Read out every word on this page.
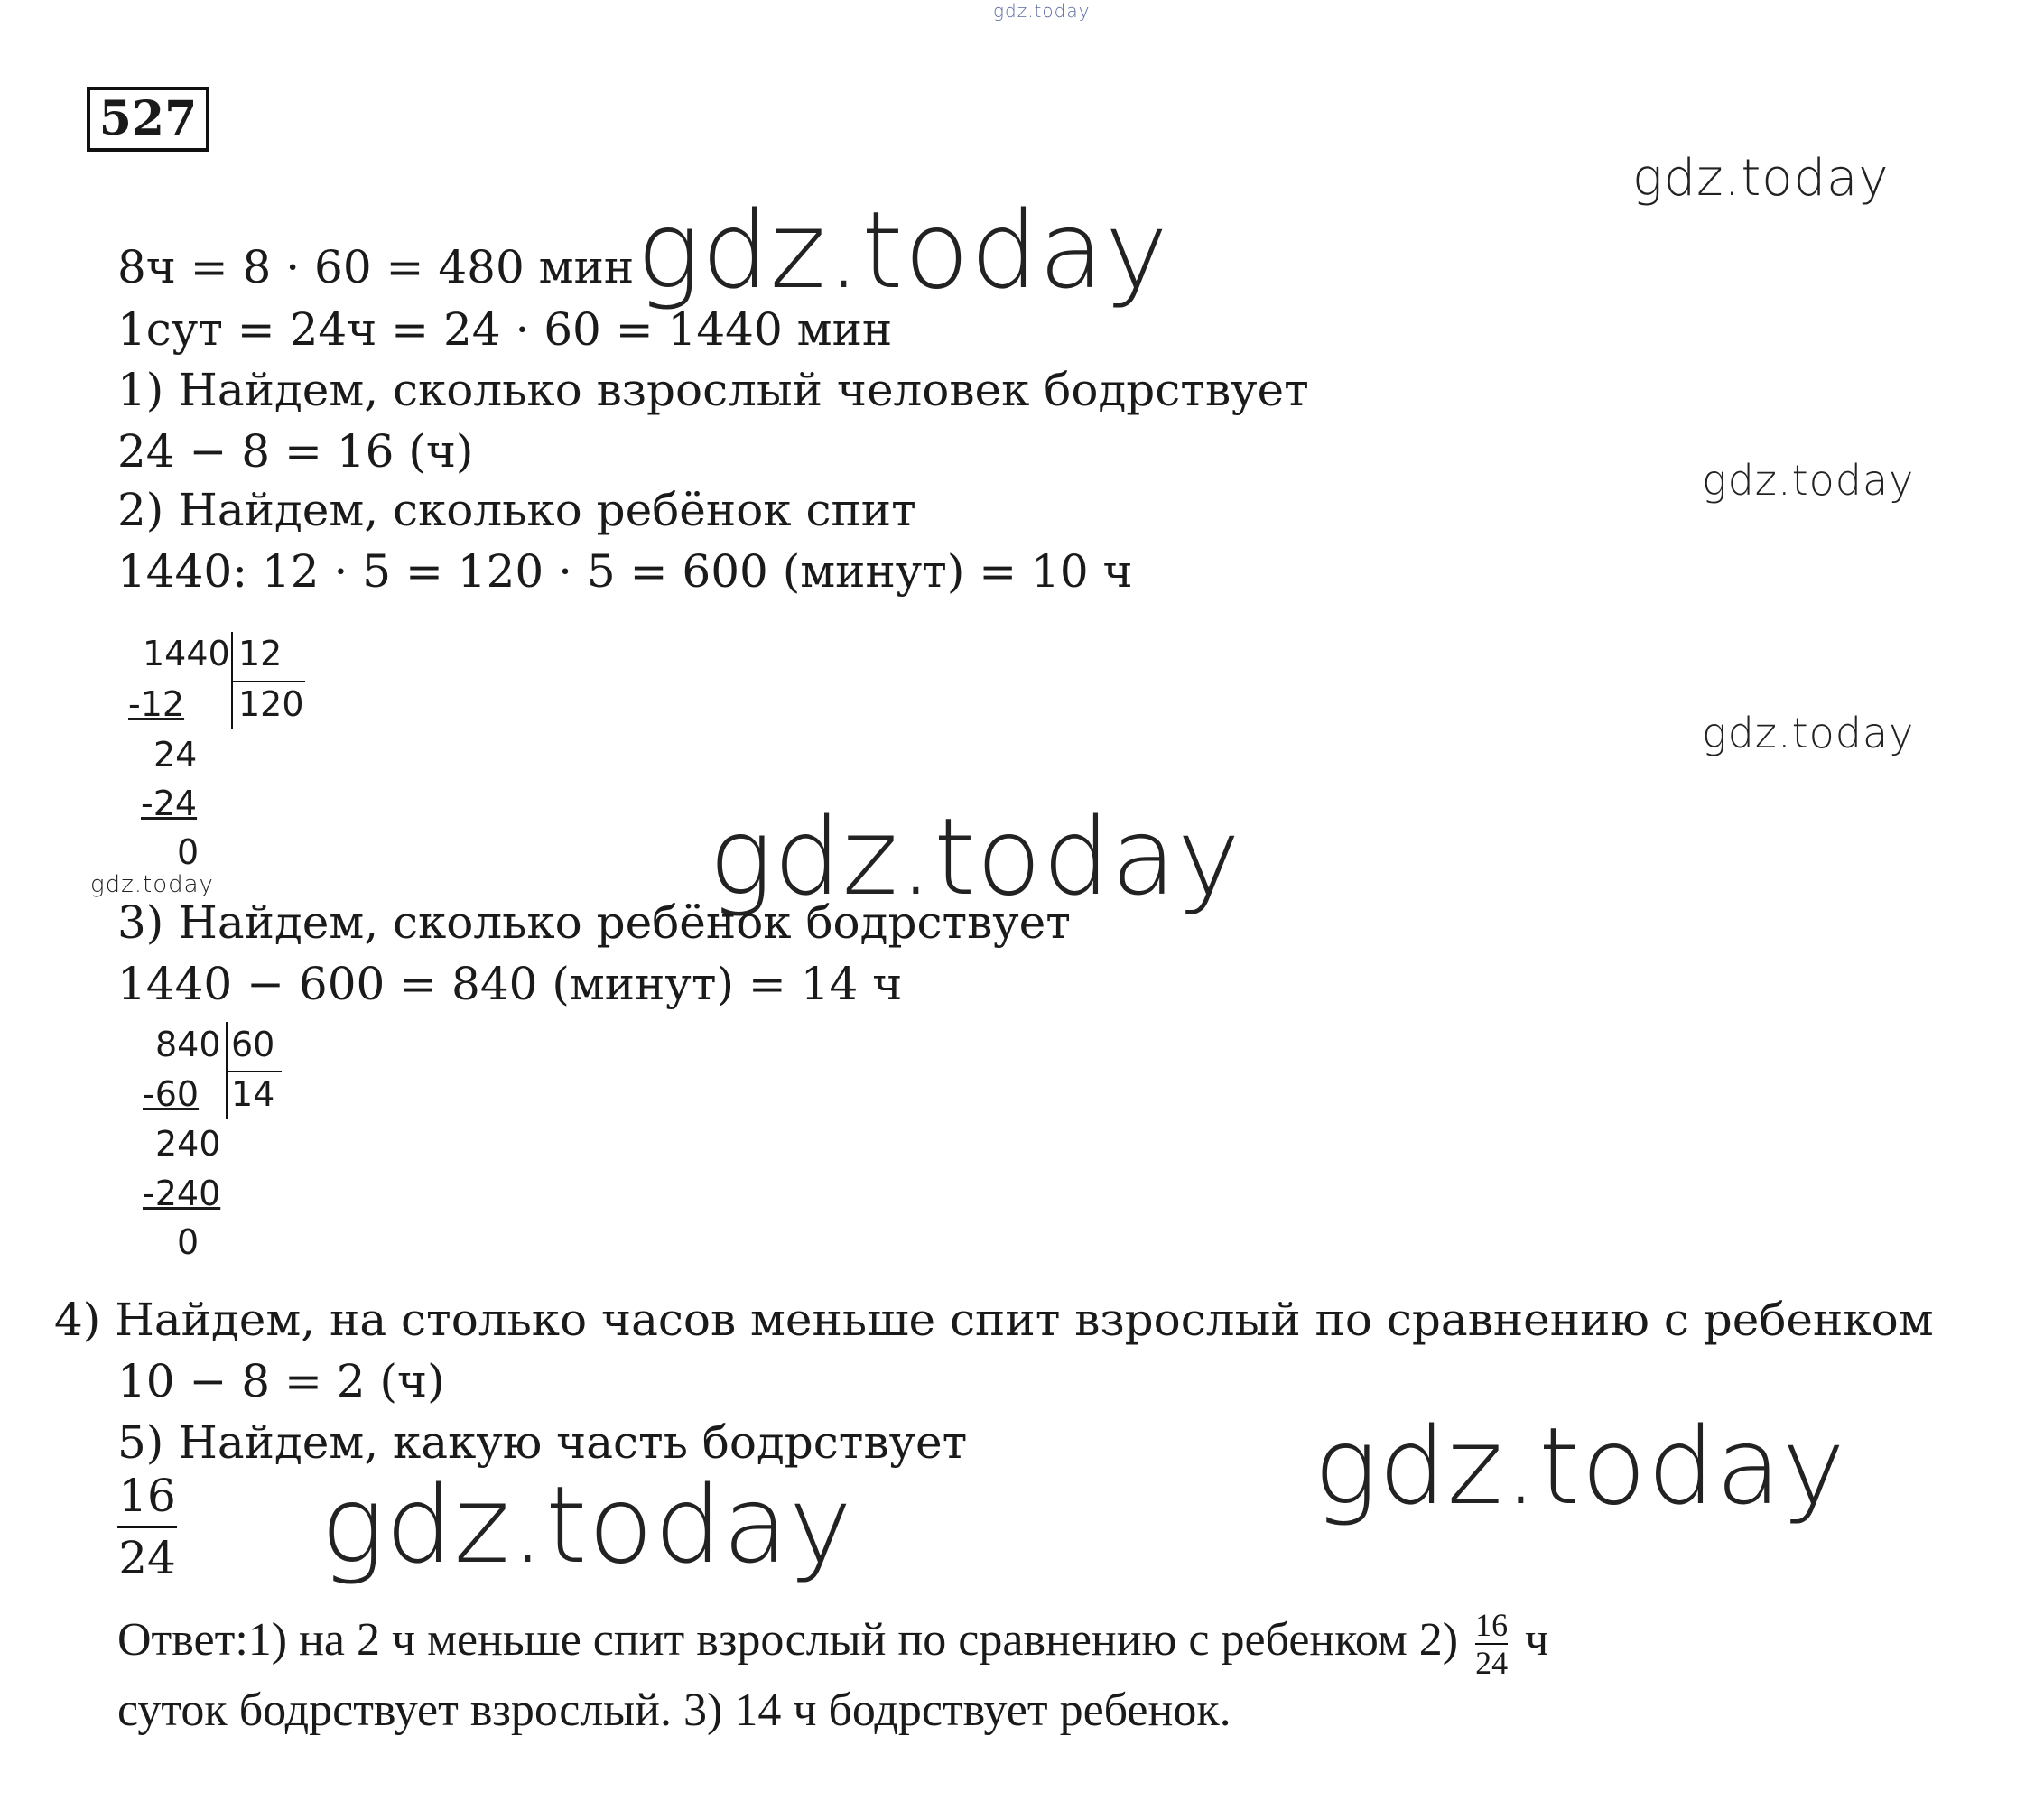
gdz.today
gdz.today
gdz.today
gdz.today
gdz.today
gdz.today
gdz.today
gdz.today
gdz.today
527
8ч = 8 · 60 = 480 мин
1сут = 24ч = 24 · 60 = 1440 мин
1) Найдем, сколько взрослый человек бодрствует
24 − 8 = 16 (ч)
2) Найдем, сколько ребёнок спит
1440: 12 · 5 = 120 · 5 = 600 (минут) = 10 ч
1440 12
120
-12
24
-24
0
3) Найдем, сколько ребёнок бодрствует
1440 − 600 = 840 (минут) = 14 ч
840 60
14
-60
240
-240
0
4) Найдем, на столько часов меньше спит взрослый по сравнению с ребенком
10 − 8 = 2 (ч)
5) Найдем, какую часть бодрствует
16
24
Ответ:1) на 2 ч меньше спит взрослый по сравнению с ребенком $2) \frac{16}{24}$ ч
суток бодрствует взрослый. 3) 14 ч бодрствует ребенок.
